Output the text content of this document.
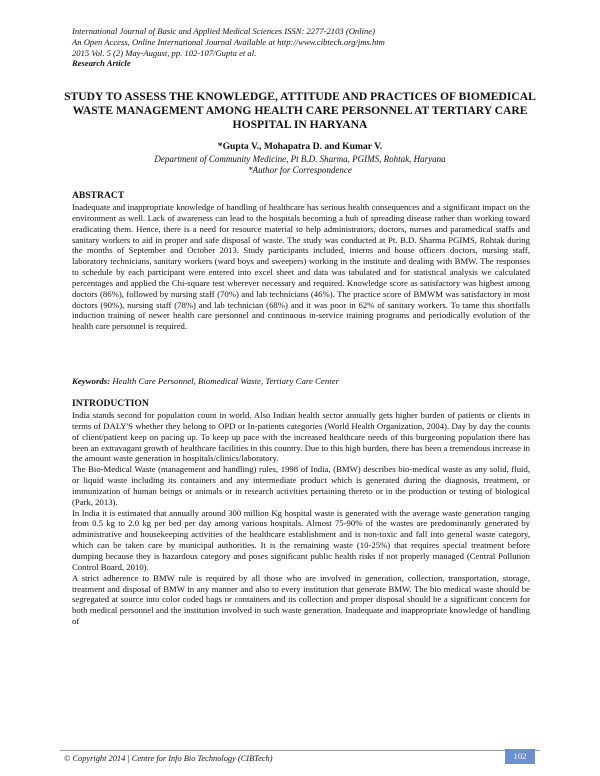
International Journal of Basic and Applied Medical Sciences ISSN: 2277-2103 (Online)
An Open Access, Online International Journal Available at http://www.cibtech.org/jms.htm
2015 Vol. 5 (2) May-August, pp. 102-107/Gupta et al.
Research Article
STUDY TO ASSESS THE KNOWLEDGE, ATTITUDE AND PRACTICES OF BIOMEDICAL WASTE MANAGEMENT AMONG HEALTH CARE PERSONNEL AT TERTIARY CARE HOSPITAL IN HARYANA
*Gupta V., Mohapatra D. and Kumar V.
Department of Community Medicine, Pt B.D. Sharma, PGIMS, Rohtak, Haryana
*Author for Correspondence
ABSTRACT

Inadequate and inappropriate knowledge of handling of healthcare has serious health consequences and a significant impact on the environment as well. Lack of awareness can lead to the hospitals becoming a hub of spreading disease rather than working toward eradicating them. Hence, there is a need for resource material to help administrators, doctors, nurses and paramedical staffs and sanitary workers to aid in proper and safe disposal of waste. The study was conducted at Pt. B.D. Sharma PGIMS, Rohtak during the months of September and October 2013. Study participants included, interns and house officers doctors, nursing staff, laboratory technicians, sanitary workers (ward boys and sweepers) working in the institute and dealing with BMW. The responses to schedule by each participant were entered into excel sheet and data was tabulated and for statistical analysis we calculated percentages and applied the Chi-square test wherever necessary and required. Knowledge score as satisfactory was highest among doctors (86%), followed by nursing staff (70%) and lab technicians (46%). The practice score of BMWM was satisfactory in most doctors (90%), nursing staff (78%) and lab technician (68%) and it was poor in 62% of sanitary workers. To tame this shortfalls induction training of newer health care personnel and continuous in-service training programs and periodically evolution of the health care personnel is required.

Keywords: Health Care Personnel, Biomedical Waste, Tertiary Care Center
INTRODUCTION

India stands second for population count in world. Also Indian health sector annually gets higher burden of patients or clients in terms of DALY'S whether they belong to OPD or In-patients categories (World Health Organization, 2004). Day by day the counts of client/patient keep on pacing up. To keep up pace with the increased healthcare needs of this burgeoning population there has been an extravagant growth of healthcare facilities in this country. Due to this high burden, there has been a tremendous increase in the amount waste generation in hospitals/clinics/laboratory.

The Bio-Medical Waste (management and handling) rules, 1998 of India, (BMW) describes bio-medical waste as any solid, fluid, or liquid waste including its containers and any intermediate product which is generated during the diagnosis, treatment, or immunization of human beings or animals or in research activities pertaining thereto or in the production or testing of biological (Park, 2013).

In India it is estimated that annually around 300 million Kg hospital waste is generated with the average waste generation ranging from 0.5 kg to 2.0 kg per bed per day among various hospitals. Almost 75-90% of the wastes are predominantly generated by administrative and housekeeping activities of the healthcare establishment and is non-toxic and fall into general waste category, which can be taken care by municipal authorities. It is the remaining waste (10-25%) that requires special treatment before dumping because they is hazardous category and poses significant public health risks if not properly managed (Central Pollution Control Board, 2010).

A strict adherence to BMW rule is required by all those who are involved in generation, collection, transportation, storage, treatment and disposal of BMW in any manner and also to every institution that generate BMW. The bio medical waste should be segregated at source into color coded bags or containers and its collection and proper disposal should be a significant concern for both medical personnel and the institution involved in such waste generation. Inadequate and inappropriate knowledge of handling of

© Copyright 2014 | Centre for Info Bio Technology (CIBTech)	102
